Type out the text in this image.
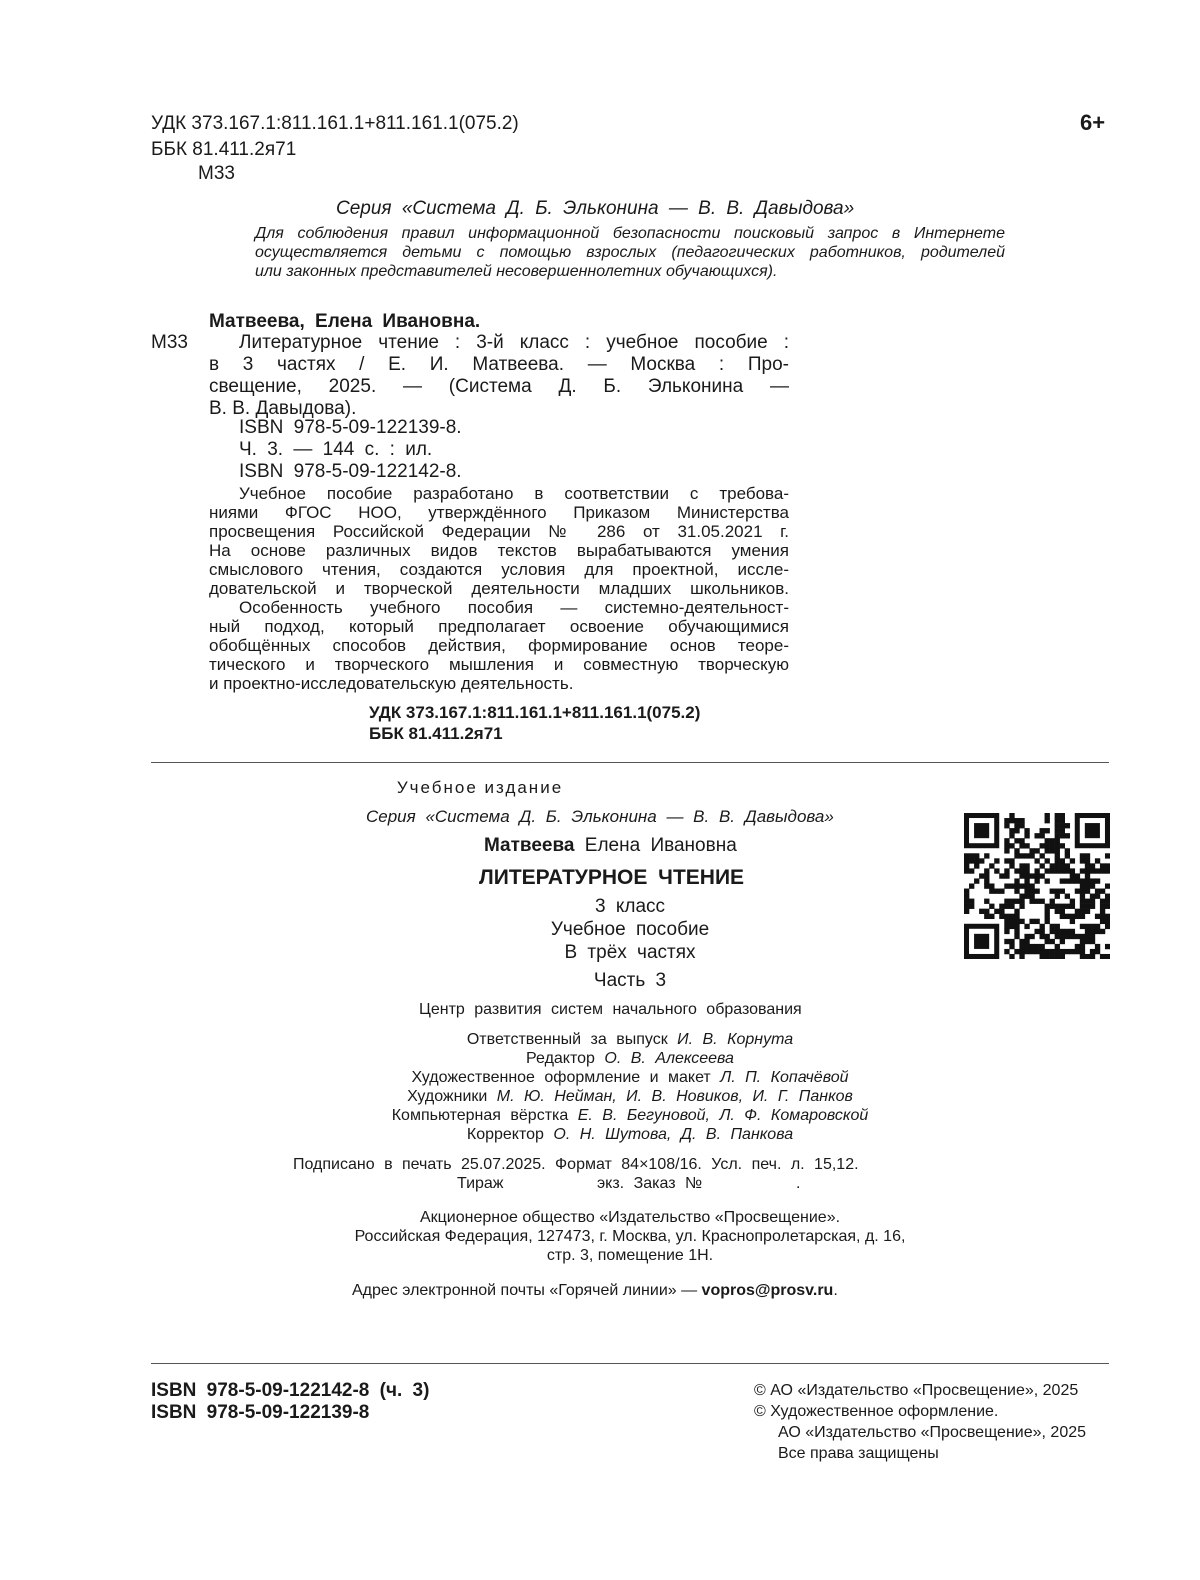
УДК 373.167.1:811.161.1+811.161.1(075.2)
ББК 81.411.2я71
М33
6+
Серия «Система Д. Б. Эльконина — В. В. Давыдова»
Для соблюдения правил информационной безопасности поисковый запрос в Интернете
осуществляется детьми с помощью взрослых (педагогических работников, родителей
или законных представителей несовершеннолетних обучающихся).
Матвеева, Елена Ивановна.
М33	Литературное чтение : 3-й класс : учебное пособие :
в 3 частях / Е. И. Матвеева. — Москва : Про-
свещение, 2025. — (Система Д. Б. Эльконина —
В. В. Давыдова).
ISBN 978-5-09-122139-8.
Ч. 3. — 144 с. : ил.
ISBN 978-5-09-122142-8.
Учебное пособие разработано в соответствии с требова-
ниями ФГОС НОО, утверждённого Приказом Министерства
просвещения Российской Федерации № 286 от 31.05.2021 г.
На основе различных видов текстов вырабатываются умения
смыслового чтения, создаются условия для проектной, иссле-
довательской и творческой деятельности младших школьников.
Особенность учебного пособия — системно-деятельност-
ный подход, который предполагает освоение обучающимися
обобщённых способов действия, формирование основ теоре-
тического и творческого мышления и совместную творческую
и проектно-исследовательскую деятельность.
УДК 373.167.1:811.161.1+811.161.1(075.2)
ББК 81.411.2я71
Учебное издание
Серия «Система Д. Б. Эльконина — В. В. Давыдова»
Матвеева Елена Ивановна
ЛИТЕРАТУРНОЕ ЧТЕНИЕ
3 класс
Учебное пособие
В трёх частях
Часть 3
Центр развития систем начального образования
Ответственный за выпуск И. В. Корнута
Редактор О. В. Алексеева
Художественное оформление и макет Л. П. Копачёвой
Художники М. Ю. Нейман, И. В. Новиков, И. Г. Панков
Компьютерная вёрстка Е. В. Бегуновой, Л. Ф. Комаровской
Корректор О. Н. Шутова, Д. В. Панкова
Подписано в печать 25.07.2025. Формат 84×108/16. Усл. печ. л. 15,12.
Тираж	экз. Заказ №	.
Акционерное общество «Издательство «Просвещение».
Российская Федерация, 127473, г. Москва, ул. Краснопролетарская, д. 16,
стр. 3, помещение 1Н.
Адрес электронной почты «Горячей линии» — vopros@prosv.ru.
ISBN 978-5-09-122142-8 (ч. 3)
ISBN 978-5-09-122139-8
© АО «Издательство «Просвещение», 2025
© Художественное оформление.
АО «Издательство «Просвещение», 2025
Все права защищены
